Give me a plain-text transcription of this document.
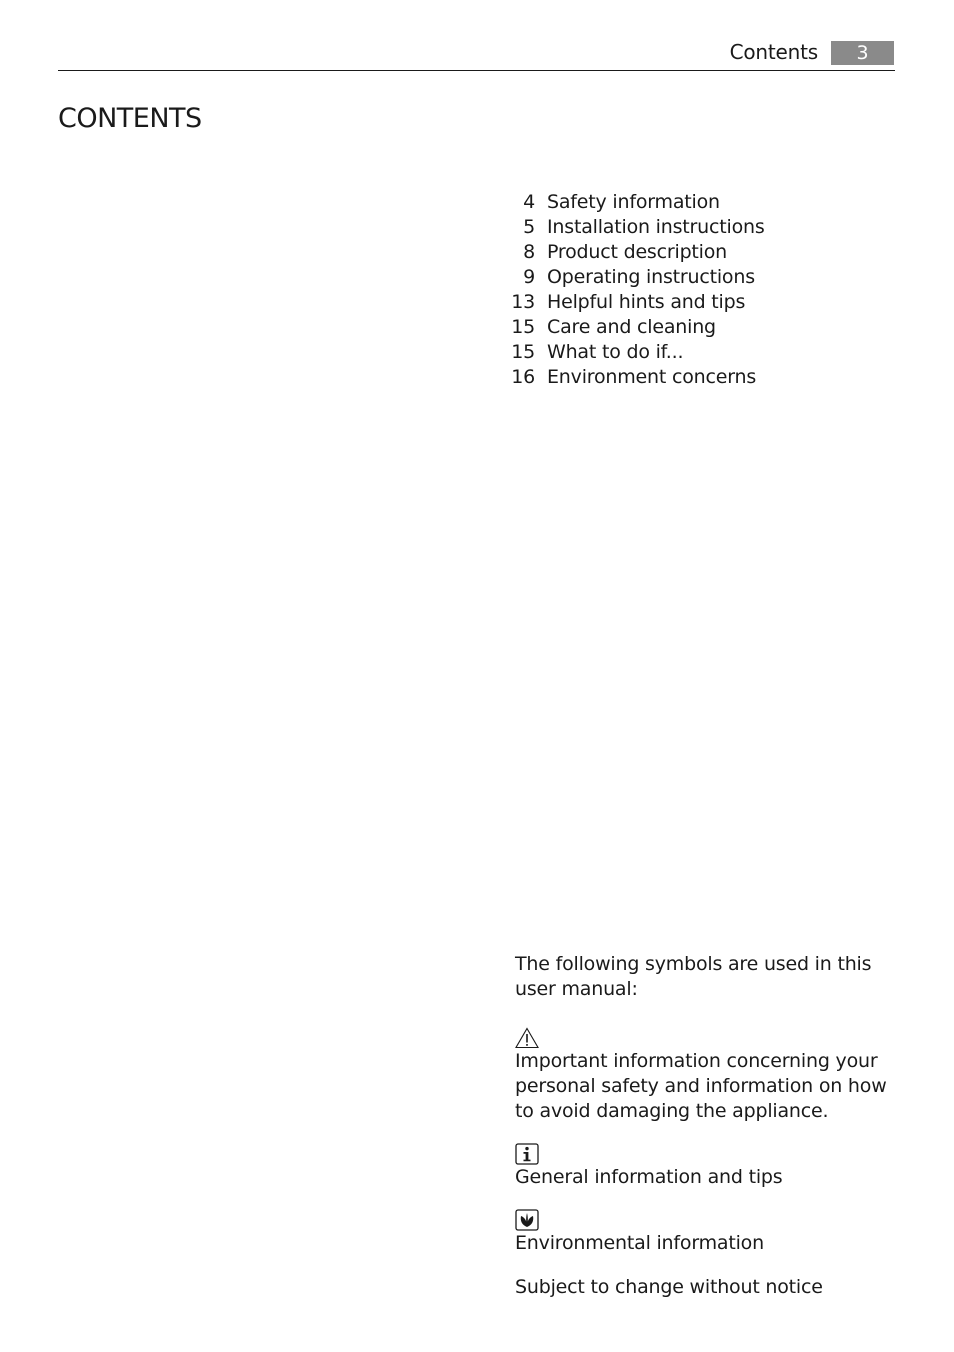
Contents	3
CONTENTS
4 Safety information
5 Installation instructions
8 Product description
9 Operating instructions
13 Helpful hints and tips
15 Care and cleaning
15 What to do if...
16 Environment concerns

The following symbols are used in this user manual:

Important information concerning your personal safety and information on how to avoid damaging the appliance.

General information and tips

Environmental information

Subject to change without notice
